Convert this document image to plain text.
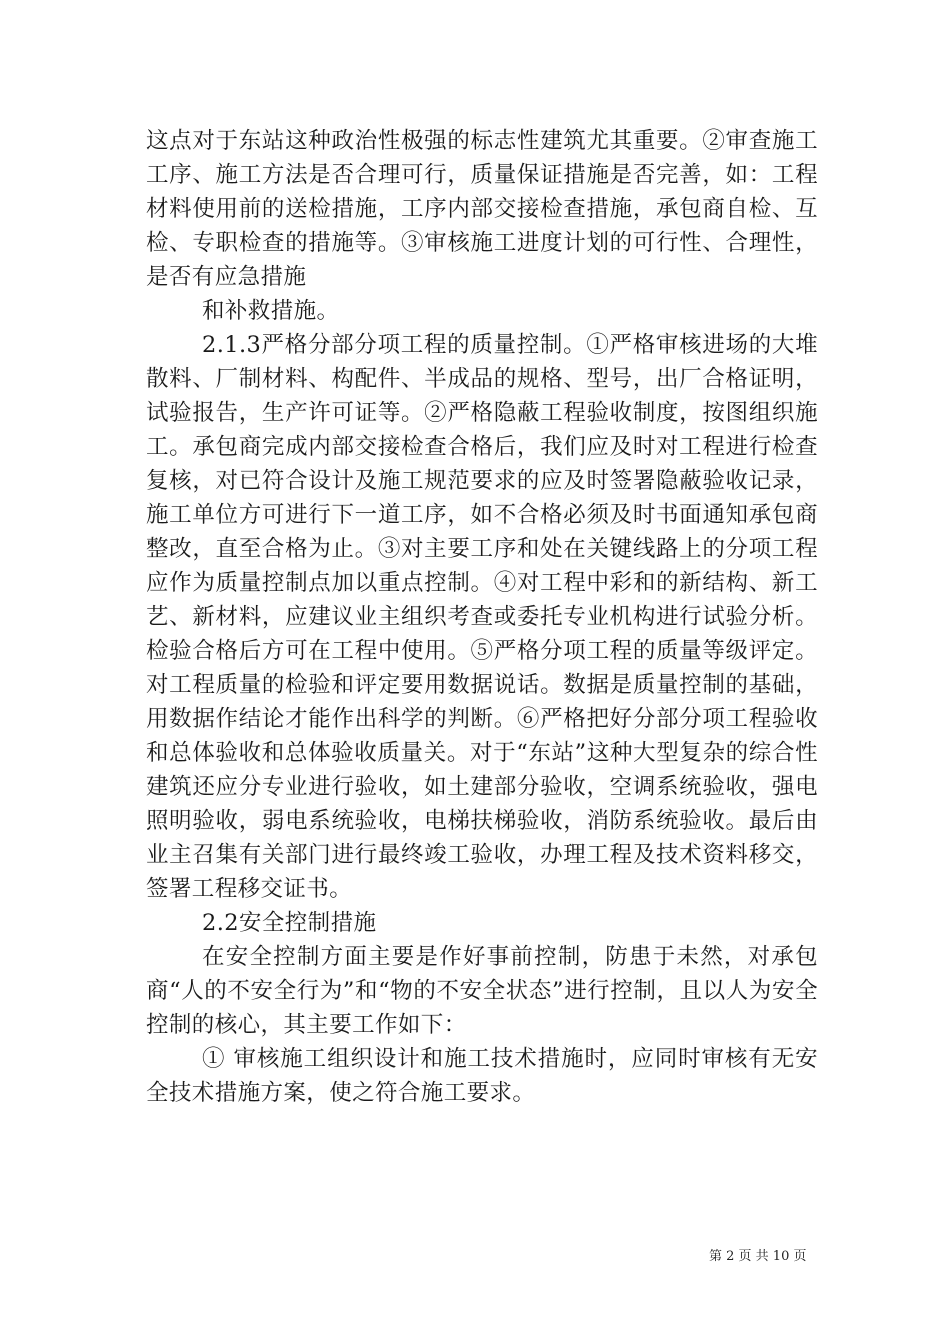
这点对于东站这种政治性极强的标志性建筑尤其重要。②审查施工工序、施工方法是否合理可行，质量保证措施是否完善，如：工程材料使用前的送检措施，工序内部交接检查措施，承包商自检、互检、专职检查的措施等。③审核施工进度计划的可行性、合理性，是否有应急措施

和补救措施。

2.1.3严格分部分项工程的质量控制。①严格审核进场的大堆散料、厂制材料、构配件、半成品的规格、型号，出厂合格证明，试验报告，生产许可证等。②严格隐蔽工程验收制度，按图组织施工。承包商完成内部交接检查合格后，我们应及时对工程进行检查复核，对已符合设计及施工规范要求的应及时签署隐蔽验收记录，施工单位方可进行下一道工序，如不合格必须及时书面通知承包商整改，直至合格为止。③对主要工序和处在关键线路上的分项工程应作为质量控制点加以重点控制。④对工程中彩和的新结构、新工艺、新材料，应建议业主组织考查或委托专业机构进行试验分析。检验合格后方可在工程中使用。⑤严格分项工程的质量等级评定。对工程质量的检验和评定要用数据说话。数据是质量控制的基础，用数据作结论才能作出科学的判断。⑥严格把好分部分项工程验收和总体验收和总体验收质量关。对于“东站”这种大型复杂的综合性建筑还应分专业进行验收，如土建部分验收，空调系统验收，强电照明验收，弱电系统验收，电梯扶梯验收，消防系统验收。最后由业主召集有关部门进行最终竣工验收，办理工程及技术资料移交，签署工程移交证书。

2.2安全控制措施

在安全控制方面主要是作好事前控制，防患于未然，对承包商“人的不安全行为”和“物的不安全状态”进行控制，且以人为安全控制的核心，其主要工作如下：

① 审核施工组织设计和施工技术措施时，应同时审核有无安全技术措施方案，使之符合施工要求。

第 2 页 共 10 页
